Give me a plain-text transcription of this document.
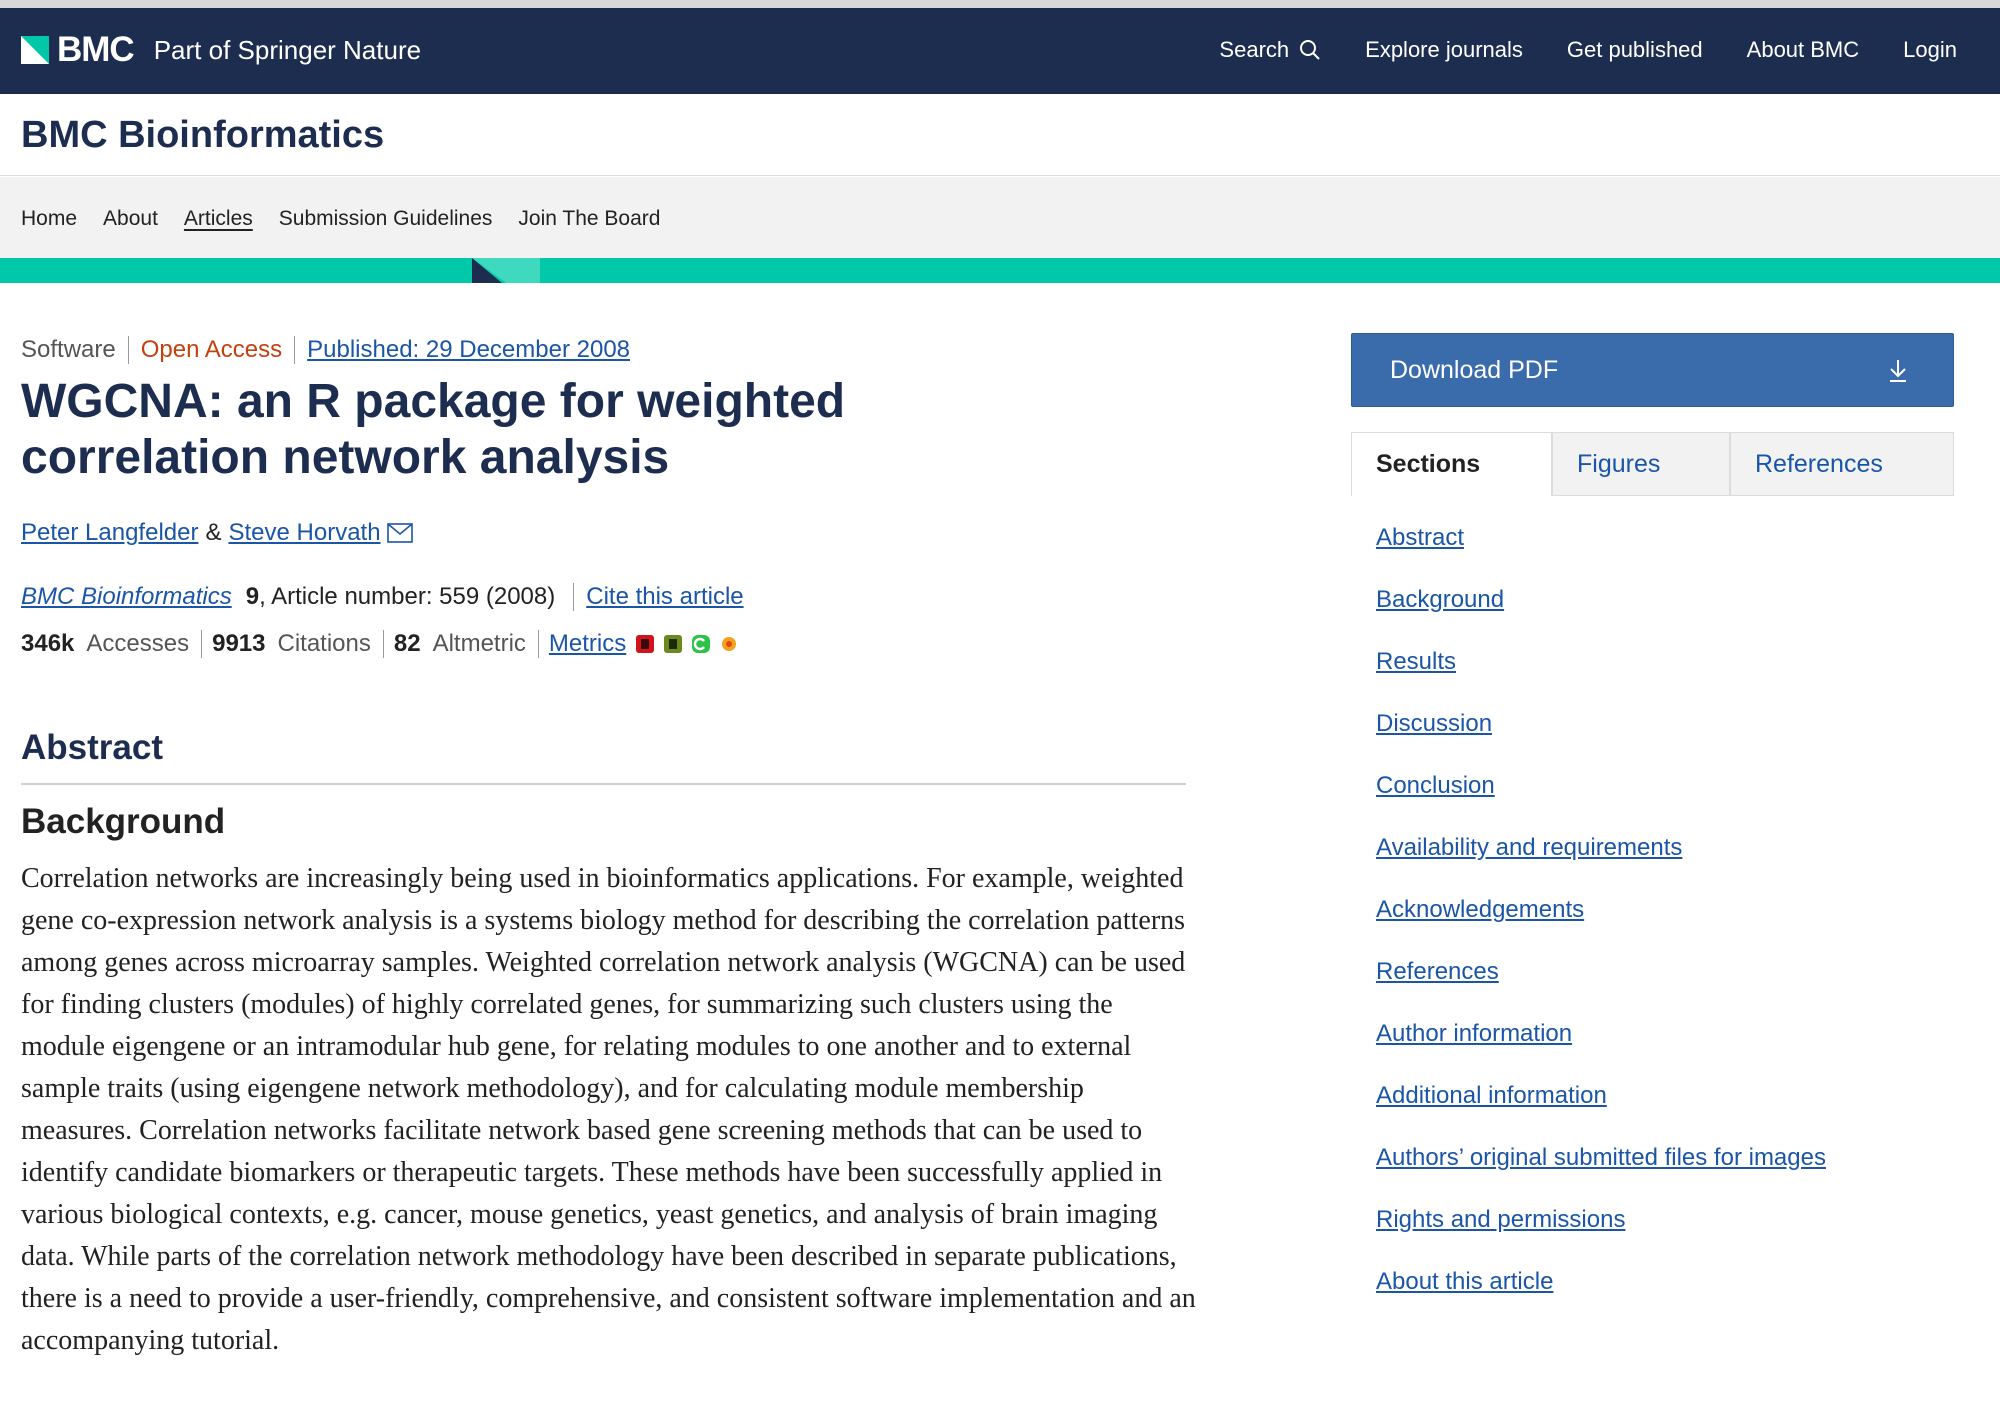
BMC Part of Springer Nature	Search	Explore journals Get published About BMC Login
BMC Bioinformatics
Home About Articles Submission Guidelines Join The Board
Software	Open Access	Published: 29 December 2008
WGCNA: an R package for weighted correlation network analysis
Peter Langfelder & Steve Horvath
BMC Bioinformatics 9 , Article number: 559 (2008)	Cite this article
346k Accesses 9913 Citations 82 Altmetric Metrics
Abstract
Background

Correlation networks are increasingly being used in bioinformatics applications. For example, weighted gene co-expression network analysis is a systems biology method for describing the correlation patterns among genes across microarray samples. Weighted correlation network analysis (WGCNA) can be used for finding clusters (modules) of highly correlated genes, for summarizing such clusters using the module eigengene or an intramodular hub gene, for relating modules to one another and to external sample traits (using eigengene network methodology), and for calculating module membership measures. Correlation networks facilitate network based gene screening methods that can be used to identify candidate biomarkers or therapeutic targets. These methods have been successfully applied in various biological contexts, e.g. cancer, mouse genetics, yeast genetics, and analysis of brain imaging data. While parts of the correlation network methodology have been described in separate publications, there is a need to provide a user-friendly, comprehensive, and consistent software implementation and an accompanying tutorial.

Download PDF
Sections	Figures	References
Abstract
Background
Results
Discussion
Conclusion
Availability and requirements
Acknowledgements
References
Author information
Additional information
Authors’ original submitted files for images
Rights and permissions
About this article
